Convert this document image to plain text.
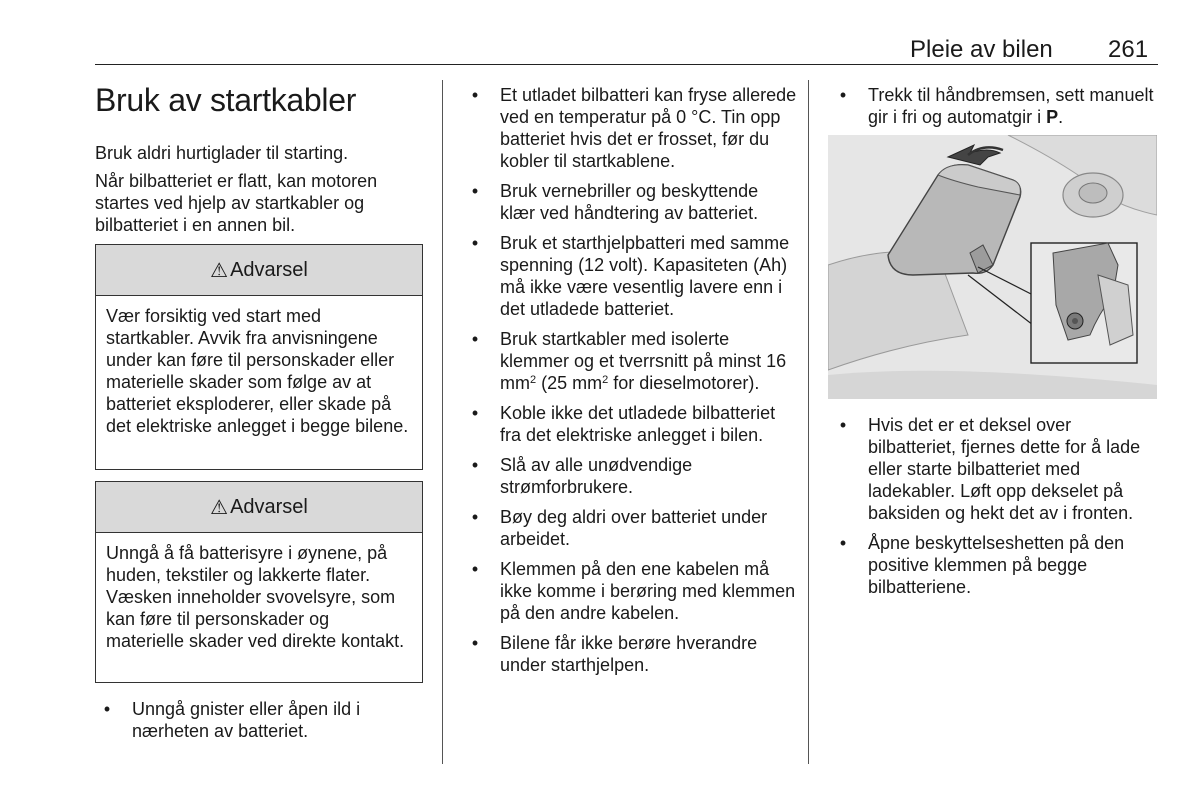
Pleie av bilen 261
Bruk av startkabler
Bruk aldri hurtiglader til starting.
Når bilbatteriet er flatt, kan motoren startes ved hjelp av startkabler og bilbatteriet i en annen bil.
⚠ Advarsel
Vær forsiktig ved start med startkabler. Avvik fra anvisningene under kan føre til personskader eller materielle skader som følge av at batteriet eksploderer, eller skade på det elektriske anlegget i begge bilene.
⚠ Advarsel
Unngå å få batterisyre i øynene, på huden, tekstiler og lakkerte flater. Væsken inneholder svovelsyre, som kan føre til personskader og materielle skader ved direkte kontakt.
• Unngå gnister eller åpen ild i nærheten av batteriet.
• Et utladet bilbatteri kan fryse allerede ved en temperatur på 0 °C. Tin opp batteriet hvis det er frosset, før du kobler til startkablene.
• Bruk vernebriller og beskyttende klær ved håndtering av batteriet.
• Bruk et starthjelpbatteri med samme spenning (12 volt). Kapasiteten (Ah) må ikke være vesentlig lavere enn i det utladede batteriet.
• Bruk startkabler med isolerte klemmer og et tverrsnitt på minst 16 $mm^2$ (25 $mm^2$ for dieselmotorer).
• Koble ikke det utladede bilbatteriet fra det elektriske anlegget i bilen.
• Slå av alle unødvendige strømforbrukere.
• Bøy deg aldri over batteriet under arbeidet.
• Klemmen på den ene kabelen må ikke komme i berøring med klemmen på den andre kabelen.
• Bilene får ikke berøre hverandre under starthjelpen.
• Trekk til håndbremsen, sett manuelt gir i fri og automatgir i P.
• Hvis det er et deksel over bilbatteriet, fjernes dette for å lade eller starte bilbatteriet med ladekabler. Løft opp dekselet på baksiden og hekt det av i fronten.
• Åpne beskyttelseshetten på den positive klemmen på begge bilbatteriene.
